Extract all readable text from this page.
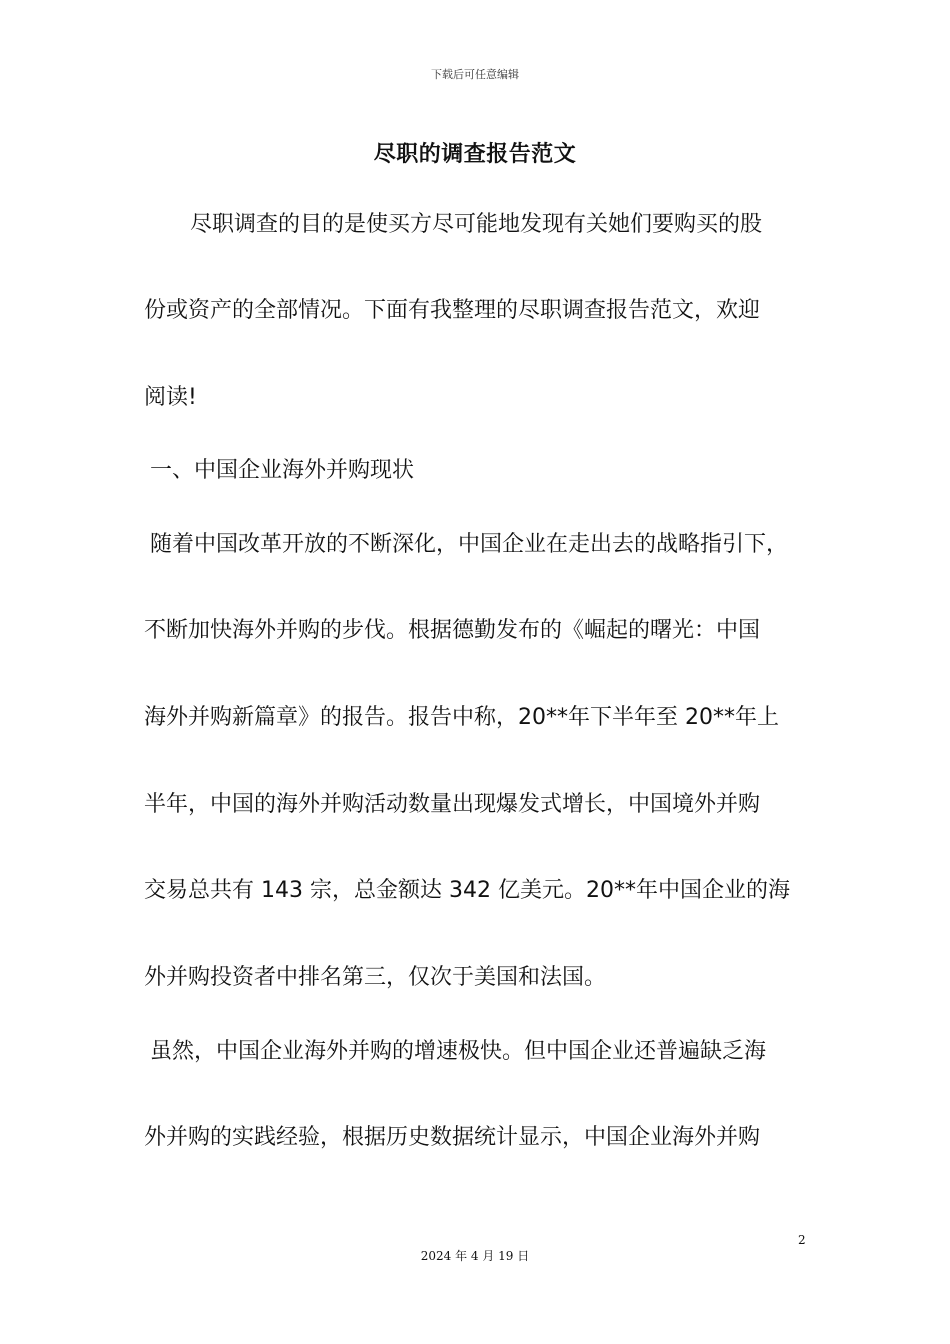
下载后可任意编辑
尽职的调查报告范文
尽职调查的目的是使买方尽可能地发现有关她们要购买的股
份或资产的全部情况。下面有我整理的尽职调查报告范文，欢迎
阅读!
一、中国企业海外并购现状
随着中国改革开放的不断深化，中国企业在走出去的战略指引下，
不断加快海外并购的步伐。根据德勤发布的《崛起的曙光：中国
海外并购新篇章》的报告。报告中称，20**年下半年至 20**年上
半年，中国的海外并购活动数量出现爆发式增长，中国境外并购
交易总共有 143 宗，总金额达 342 亿美元。20**年中国企业的海
外并购投资者中排名第三，仅次于美国和法国。
虽然，中国企业海外并购的增速极快。但中国企业还普遍缺乏海
外并购的实践经验，根据历史数据统计显示，中国企业海外并购
2
2024 年 4 月 19 日
